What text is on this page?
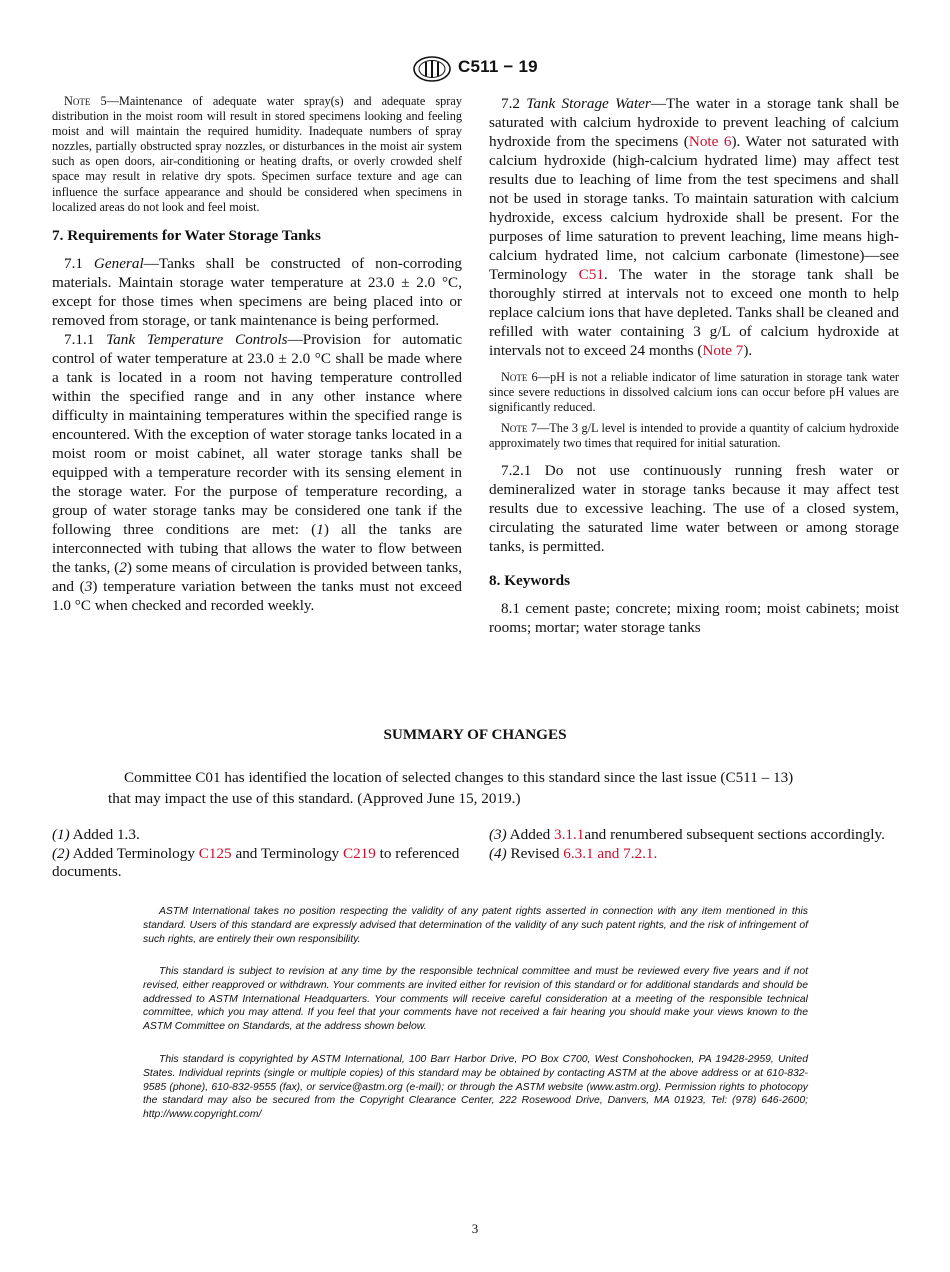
C511 − 19

Note 5—Maintenance of adequate water spray(s) and adequate spray distribution in the moist room will result in stored specimens looking and feeling moist and will maintain the required humidity. Inadequate numbers of spray nozzles, partially obstructed spray nozzles, or disturbances in the moist air system such as open doors, air-conditioning or heating drafts, or overly crowded shelf space may result in relative dry spots. Specimen surface texture and age can influence the surface appearance and should be considered when specimens in localized areas do not look and feel moist.

7. Requirements for Water Storage Tanks

7.1 General—Tanks shall be constructed of non-corroding materials. Maintain storage water temperature at 23.0 ± 2.0 °C, except for those times when specimens are being placed into or removed from storage, or tank maintenance is being performed.

7.1.1 Tank Temperature Controls—Provision for automatic control of water temperature at 23.0 ± 2.0 °C shall be made where a tank is located in a room not having temperature controlled within the specified range and in any other instance where difficulty in maintaining temperatures within the specified range is encountered. With the exception of water storage tanks located in a moist room or moist cabinet, all water storage tanks shall be equipped with a temperature recorder with its sensing element in the storage water. For the purpose of temperature recording, a group of water storage tanks may be considered one tank if the following three conditions are met: (1) all the tanks are interconnected with tubing that allows the water to flow between the tanks, (2) some means of circulation is provided between tanks, and (3) temperature variation between the tanks must not exceed 1.0 °C when checked and recorded weekly.

7.2 Tank Storage Water—The water in a storage tank shall be saturated with calcium hydroxide to prevent leaching of calcium hydroxide from the specimens (Note 6). Water not saturated with calcium hydroxide (high-calcium hydrated lime) may affect test results due to leaching of lime from the test specimens and shall not be used in storage tanks. To maintain saturation with calcium hydroxide, excess calcium hydroxide shall be present. For the purposes of lime saturation to prevent leaching, lime means high-calcium hydrated lime, not calcium carbonate (limestone)—see Terminology C51. The water in the storage tank shall be thoroughly stirred at intervals not to exceed one month to help replace calcium ions that have depleted. Tanks shall be cleaned and refilled with water containing 3 g/L of calcium hydroxide at intervals not to exceed 24 months (Note 7).

Note 6—pH is not a reliable indicator of lime saturation in storage tank water since severe reductions in dissolved calcium ions can occur before pH values are significantly reduced.

Note 7—The 3 g/L level is intended to provide a quantity of calcium hydroxide approximately two times that required for initial saturation.

7.2.1 Do not use continuously running fresh water or demineralized water in storage tanks because it may affect test results due to excessive leaching. The use of a closed system, circulating the saturated lime water between or among storage tanks, is permitted.

8. Keywords

8.1 cement paste; concrete; mixing room; moist cabinets; moist rooms; mortar; water storage tanks

SUMMARY OF CHANGES
Committee C01 has identified the location of selected changes to this standard since the last issue (C511 – 13)
that may impact the use of this standard. (Approved June 15, 2019.)

(1) Added 1.3.

(2) Added Terminology C125 and Terminology C219 to referenced documents.

(3) Added 3.1.1and renumbered subsequent sections accordingly.

(4) Revised 6.3.1 and 7.2.1.

ASTM International takes no position respecting the validity of any patent rights asserted in connection with any item mentioned in this standard. Users of this standard are expressly advised that determination of the validity of any such patent rights, and the risk of infringement of such rights, are entirely their own responsibility.
This standard is subject to revision at any time by the responsible technical committee and must be reviewed every five years and if not revised, either reapproved or withdrawn. Your comments are invited either for revision of this standard or for additional standards and should be addressed to ASTM International Headquarters. Your comments will receive careful consideration at a meeting of the responsible technical committee, which you may attend. If you feel that your comments have not received a fair hearing you should make your views known to the ASTM Committee on Standards, at the address shown below.
This standard is copyrighted by ASTM International, 100 Barr Harbor Drive, PO Box C700, West Conshohocken, PA 19428-2959, United States. Individual reprints (single or multiple copies) of this standard may be obtained by contacting ASTM at the above address or at 610-832-9585 (phone), 610-832-9555 (fax), or service@astm.org (e-mail); or through the ASTM website (www.astm.org). Permission rights to photocopy the standard may also be secured from the Copyright Clearance Center, 222 Rosewood Drive, Danvers, MA 01923, Tel: (978) 646-2600; http://www.copyright.com/
3
